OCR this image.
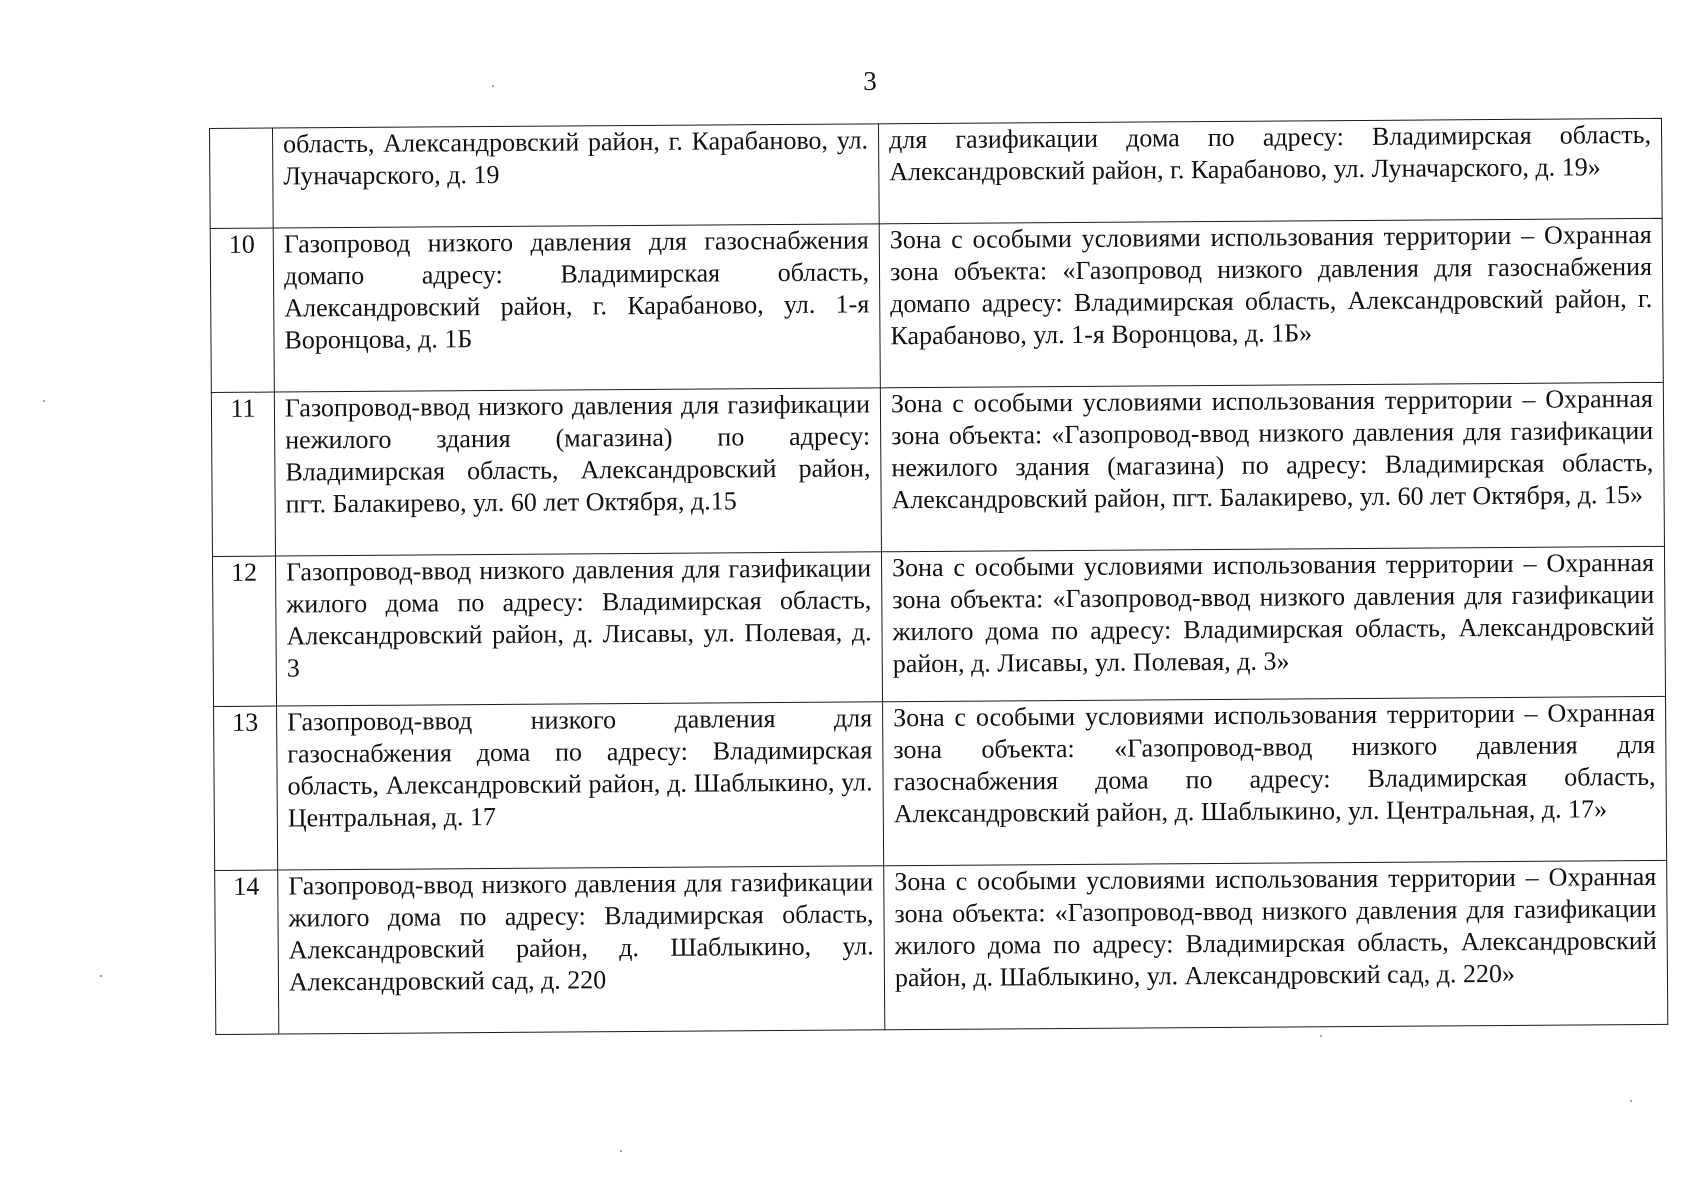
3
	область, Александровский район, г. Карабаново, ул. Луначарского, д. 19	для газификации дома по адресу: Владимирская область, Александровский район, г. Карабаново, ул. Луначарского, д. 19»
10	Газопровод низкого давления для газоснабжения домапо адресу: Владимирская область, Александровский район, г. Карабаново, ул. 1-я Воронцова, д. 1Б	Зона с особыми условиями использования территории – Охранная зона объекта: «Газопровод низкого давления для газоснабжения домапо адресу: Владимирская область, Александровский район, г. Карабаново, ул. 1-я Воронцова, д. 1Б»
11	Газопровод-ввод низкого давления для газификации нежилого здания (магазина) по адресу: Владимирская область, Александровский район, пгт. Балакирево, ул. 60 лет Октября, д.15	Зона с особыми условиями использования территории – Охранная зона объекта: «Газопровод-ввод низкого давления для газификации нежилого здания (магазина) по адресу: Владимирская область, Александровский район, пгт. Балакирево, ул. 60 лет Октября, д. 15»
12	Газопровод-ввод низкого давления для газификации жилого дома по адресу: Владимирская область, Александровский район, д. Лисавы, ул. Полевая, д. 3	Зона с особыми условиями использования территории – Охранная зона объекта: «Газопровод-ввод низкого давления для газификации жилого дома по адресу: Владимирская область, Александровский район, д. Лисавы, ул. Полевая, д. 3»
13	Газопровод-ввод низкого давления для газоснабжения дома по адресу: Владимирская область, Александровский район, д. Шаблыкино, ул. Центральная, д. 17	Зона с особыми условиями использования территории – Охранная зона объекта: «Газопровод-ввод низкого давления для газоснабжения дома по адресу: Владимирская область, Александровский район, д. Шаблыкино, ул. Центральная, д. 17»
14	Газопровод-ввод низкого давления для газификации жилого дома по адресу: Владимирская область, Александровский район, д. Шаблыкино, ул. Александровский сад, д. 220	Зона с особыми условиями использования территории – Охранная зона объекта: «Газопровод-ввод низкого давления для газификации жилого дома по адресу: Владимирская область, Александровский район, д. Шаблыкино, ул. Александровский сад, д. 220»
